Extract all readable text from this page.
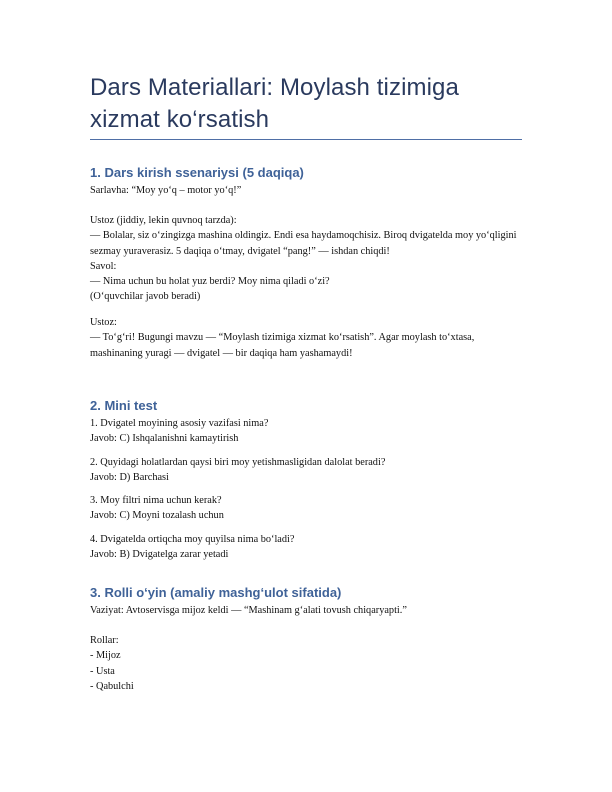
Dars Materiallari: Moylash tizimiga xizmat ko‘rsatish
1. Dars kirish ssenariysi (5 daqiqa)
Sarlavha: “Moy yo‘q – motor yo‘q!”
Ustoz (jiddiy, lekin quvnoq tarzda):
— Bolalar, siz o‘zingizga mashina oldingiz. Endi esa haydamoqchisiz. Biroq dvigatelda moy yo‘qligini sezmay yuraverasiz. 5 daqiqa o‘tmay, dvigatel “pang!” — ishdan chiqdi!
Savol:
— Nima uchun bu holat yuz berdi? Moy nima qiladi o‘zi?
(O‘quvchilar javob beradi)
Ustoz:
— To‘g‘ri! Bugungi mavzu — “Moylash tizimiga xizmat ko‘rsatish”. Agar moylash to‘xtasa, mashinaning yuragi — dvigatel — bir daqiqa ham yashamaydi!
2. Mini test
1. Dvigatel moyining asosiy vazifasi nima?
Javob: C) Ishqalanishni kamaytirish
2. Quyidagi holatlardan qaysi biri moy yetishmasligidan dalolat beradi?
Javob: D) Barchasi
3. Moy filtri nima uchun kerak?
Javob: C) Moyni tozalash uchun
4. Dvigatelda ortiqcha moy quyilsa nima bo‘ladi?
Javob: B) Dvigatelga zarar yetadi
3. Rolli o‘yin (amaliy mashg‘ulot sifatida)
Vaziyat: Avtoservisga mijoz keldi — “Mashinam g‘alati tovush chiqaryapti.”
Rollar:
- Mijoz
- Usta
- Qabulchi
